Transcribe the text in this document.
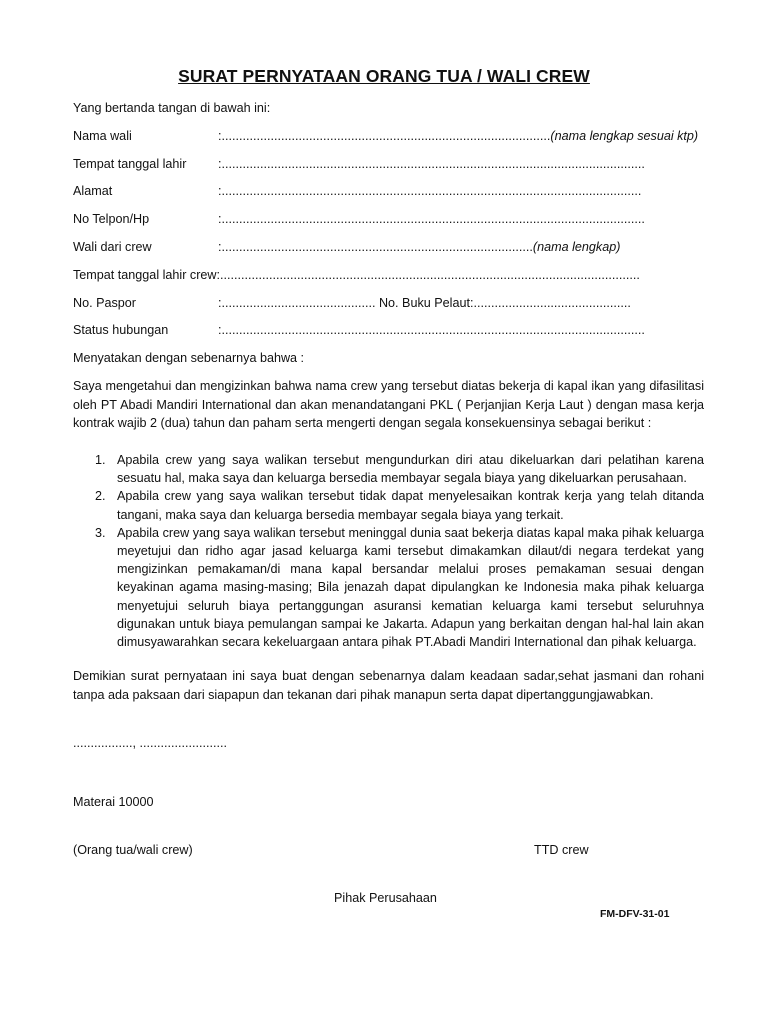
SURAT PERNYATAAN ORANG TUA / WALI CREW
Yang bertanda tangan di bawah ini:
Nama wali	:..............................................................................................(nama lengkap sesuai ktp)
Tempat tanggal lahir	:.........................................................................................................................
Alamat	:........................................................................................................................
No Telpon/Hp	:.........................................................................................................................
Wali dari crew	:.........................................................................................(nama lengkap)
Tempat tanggal lahir crew:........................................................................................................................
No. Paspor	:............................................ No. Buku Pelaut:.............................................
Status hubungan	:.........................................................................................................................
Menyatakan dengan sebenarnya bahwa :
Saya mengetahui dan mengizinkan bahwa nama crew yang tersebut diatas bekerja di kapal ikan yang difasilitasi oleh PT Abadi Mandiri International dan akan menandatangani PKL ( Perjanjian Kerja Laut ) dengan masa kerja kontrak wajib 2 (dua) tahun dan paham serta mengerti dengan segala konsekuensinya sebagai berikut :
1. Apabila crew yang saya walikan tersebut mengundurkan diri atau dikeluarkan dari pelatihan karena sesuatu hal, maka saya dan keluarga bersedia membayar segala biaya yang dikeluarkan perusahaan.
2. Apabila crew yang saya walikan tersebut tidak dapat menyelesaikan kontrak kerja yang telah ditanda tangani, maka saya dan keluarga bersedia membayar segala biaya yang terkait.
3. Apabila crew yang saya walikan tersebut meninggal dunia saat bekerja diatas kapal maka pihak keluarga meyetujui dan ridho agar jasad keluarga kami tersebut dimakamkan dilaut/di negara terdekat yang mengizinkan pemakaman/di mana kapal bersandar melalui proses pemakaman sesuai dengan keyakinan agama masing-masing; Bila jenazah dapat dipulangkan ke Indonesia maka pihak keluarga menyetujui seluruh biaya pertanggungan asuransi kematian keluarga kami tersebut seluruhnya digunakan untuk biaya pemulangan sampai ke Jakarta. Adapun yang berkaitan dengan hal-hal lain akan dimusyawarahkan secara kekeluargaan antara pihak PT.Abadi Mandiri International dan pihak keluarga.
Demikian surat pernyataan ini saya buat dengan sebenarnya dalam keadaan sadar,sehat jasmani dan rohani tanpa ada paksaan dari siapapun dan tekanan dari pihak manapun serta dapat dipertanggungjawabkan.
................., .........................
Materai 10000
(Orang tua/wali crew)	TTD crew
Pihak Perusahaan
FM-DFV-31-01
